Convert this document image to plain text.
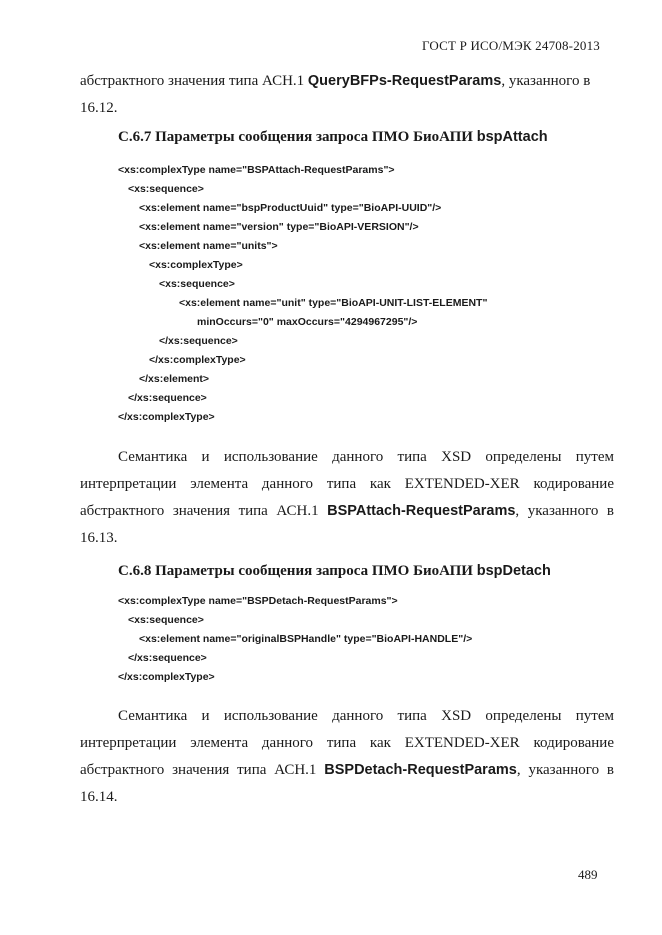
ГОСТ Р ИСО/МЭК 24708-2013

абстрактного значения типа АСН.1 QueryBFPs-RequestParams, указанного в 16.12.

С.6.7 Параметры сообщения запроса ПМО БиоАПИ bspAttach
<xs:complexType name="BSPAttach-RequestParams">
<xs:sequence>
<xs:element name="bspProductUuid" type="BioAPI-UUID"/>
<xs:element name="version" type="BioAPI-VERSION"/>
<xs:element name="units">
<xs:complexType>
<xs:sequence>
<xs:element name="unit" type="BioAPI-UNIT-LIST-ELEMENT"
minOccurs="0" maxOccurs="4294967295"/>
</xs:sequence>
</xs:complexType>
</xs:element>
</xs:sequence>
</xs:complexType>

Семантика и использование данного типа XSD определены путем интерпретации элемента данного типа как EXTENDED-XER кодирование абстрактного значения типа АСН.1 BSPAttach-RequestParams, указанного в 16.13.

С.6.8 Параметры сообщения запроса ПМО БиоАПИ bspDetach
<xs:complexType name="BSPDetach-RequestParams">
<xs:sequence>
<xs:element name="originalBSPHandle" type="BioAPI-HANDLE"/>
</xs:sequence>
</xs:complexType>

Семантика и использование данного типа XSD определены путем интерпретации элемента данного типа как EXTENDED-XER кодирование абстрактного значения типа АСН.1 BSPDetach-RequestParams, указанного в 16.14.

489
